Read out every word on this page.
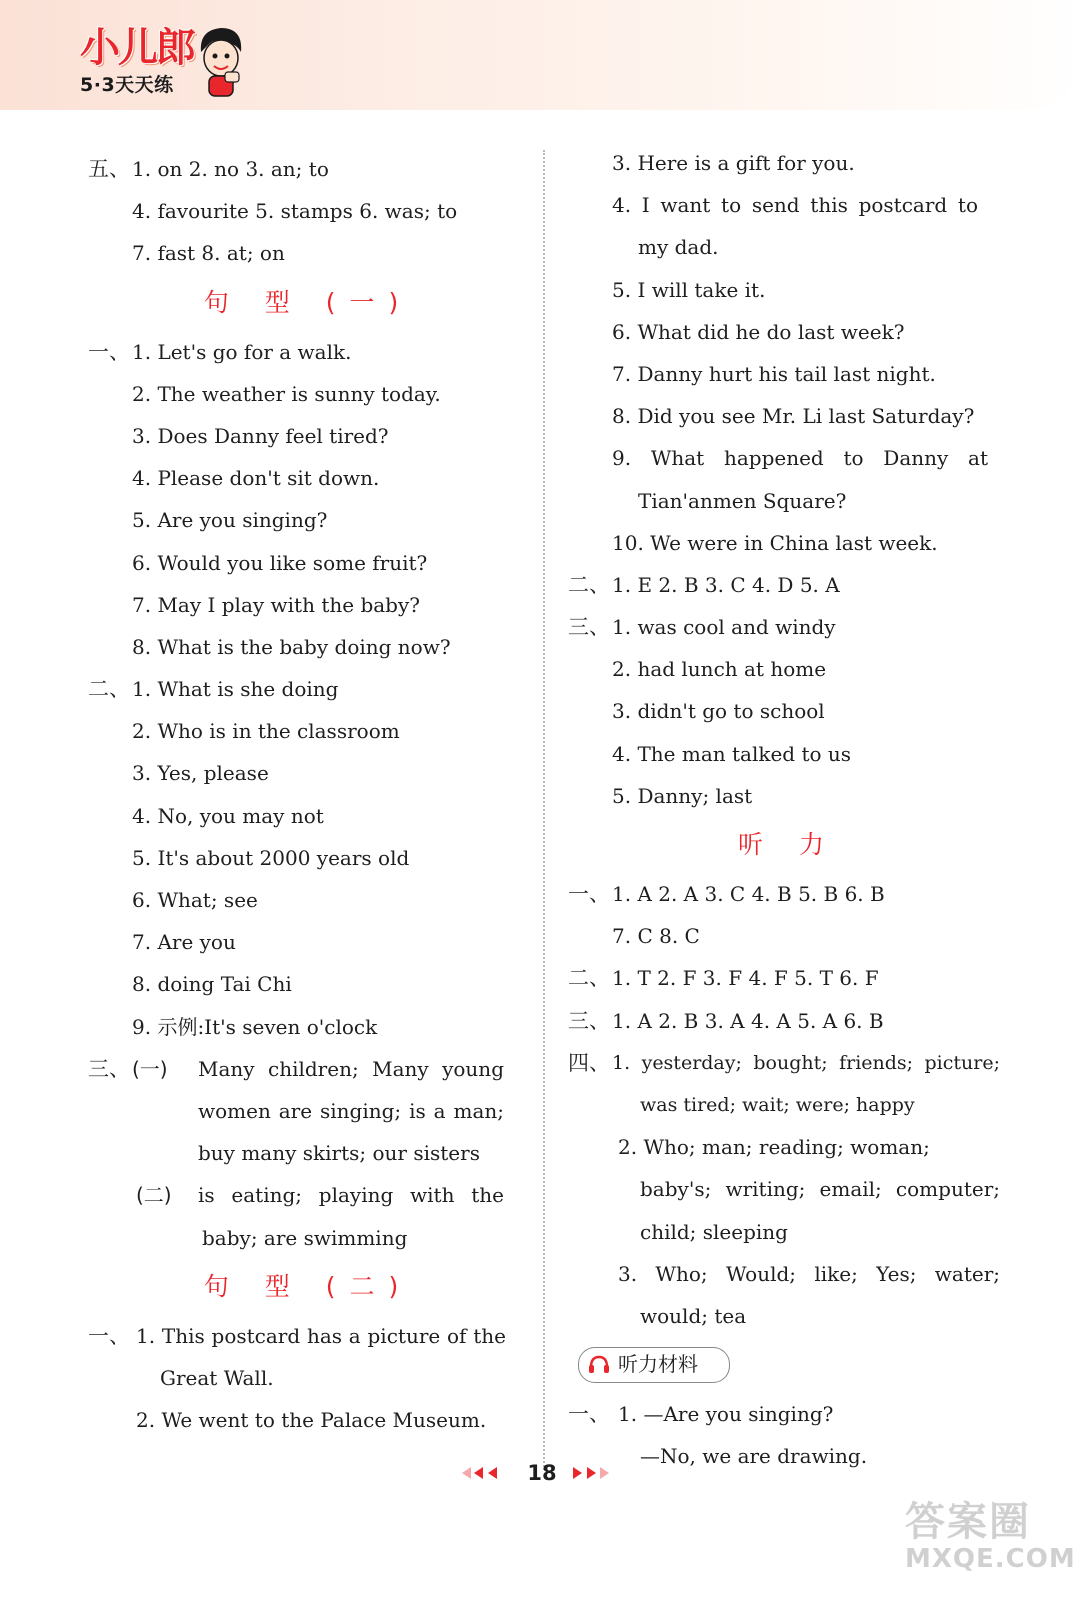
小儿郎
5·3天天练
五、 1. on 2. no 3. an; to
4. favourite 5. stamps 6. was; to
7. fast 8. at; on
句 型 (一)
一、 1. Let's go for a walk.
2. The weather is sunny today.
3. Does Danny feel tired?
4. Please don't sit down.
5. Are you singing?
6. Would you like some fruit?
7. May I play with the baby?
8. What is the baby doing now?
二、 1. What is she doing
2. Who is in the classroom
3. Yes, please
4. No, you may not
5. It's about 2000 years old
6. What; see
7. Are you
8. doing Tai Chi
9. 示例:It's seven o'clock
三、 (一) Many children; Many young
women are singing; is a man;
buy many skirts; our sisters
(二) is eating; playing with the
baby; are swimming
句 型 (二)
一、 1. This postcard has a picture of the
Great Wall.
2. We went to the Palace Museum.
3. Here is a gift for you.
4. I want to send this postcard to
my dad.
5. I will take it.
6. What did he do last week?
7. Danny hurt his tail last night.
8. Did you see Mr. Li last Saturday?
9. What happened to Danny at
Tian'anmen Square?
10. We were in China last week.
二、 1. E 2. B 3. C 4. D 5. A
三、 1. was cool and windy
2. had lunch at home
3. didn't go to school
4. The man talked to us
5. Danny; last
听 力
一、 1. A 2. A 3. C 4. B 5. B 6. B
7. C 8. C
二、 1. T 2. F 3. F 4. F 5. T 6. F
三、 1. A 2. B 3. A 4. A 5. A 6. B
四、 1. yesterday; bought; friends; picture;
was tired; wait; were; happy
2. Who; man; reading; woman;
baby's; writing; email; computer;
child; sleeping
3. Who; Would; like; Yes; water;
would; tea
听力材料
一、 1. —Are you singing?
—No, we are drawing.
18
答案圈
MXQE.COM
